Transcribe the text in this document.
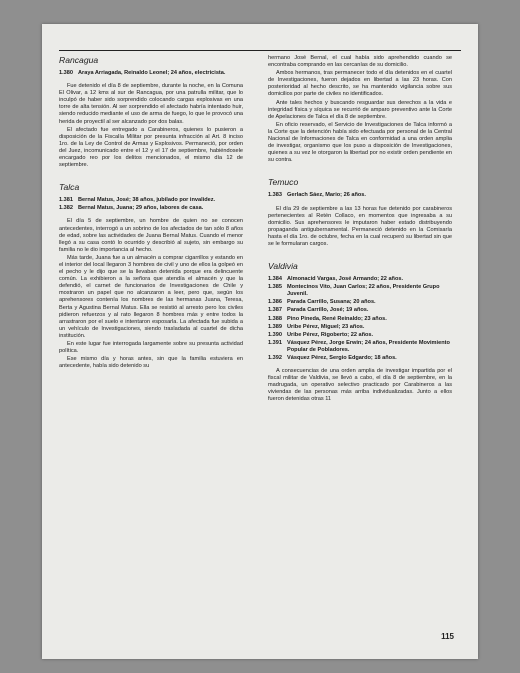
Rancagua
1.380 Araya Arriagada, Reinaldo Leonel; 24 años, electricista.

Fue detenido el día 8 de septiembre, durante la noche, en la Comuna El Olivar, a 12 kms al sur de Rancagua, por una patrulla militar, que lo inculpó de haber sido sorprendido colocando cargas explosivas en una torre de alta tensión. Al ser sorprendido el afectado habría intentado huir, siendo reducido mediante el uso de arma de fuego, lo que le provocó una herida de proyectil al ser alcanzado por dos balas.

El afectado fue entregado a Carabineros, quienes lo pusieron a disposición de la Fiscalía Militar por presunta infracción al Art. 8 inciso 1ro. de la Ley de Control de Armas y Explosivos. Permaneció, por orden del Juez, incomunicado entre el 12 y el 17 de septiembre, habiéndosele encargado reo por los delitos mencionados, el mismo día 12 de septiembre.

Talca
1.381 Bernal Matus, José; 38 años, jubilado por invalidez.
1.382 Bernal Matus, Juana; 29 años, labores de casa.

El día 5 de septiembre, un hombre de quien no se conocen antecedentes, interrogó a un sobrino de los afectados de tan sólo 8 años de edad, sobre las actividades de Juana Bernal Matus. Cuando el menor llegó a su casa contó lo ocurrido y describió al sujeto, sin embargo su familia no le dio importancia al hecho.

Más tarde, Juana fue a un almacén a comprar cigarrillos y estando en el interior del local llegaron 3 hombres de civil y uno de ellos la golpeó en el pecho y le dijo que se la llevaban detenida porque era delincuente común. La exhibieron a la señora que atendía el almacén y que la defendió, el carnet de funcionarios de Investigaciones de Chile y mostraron un papel que no alcanzaron a leer, pero que, según los aprehensores contenía los nombres de las hermanas Juana, Teresa, Berta y Agustina Bernal Matus. Ella se resistió al arresto pero los civiles pidieron refuerzos y al rato llegaron 8 hombres más y entre todos la arrastraron por el suelo e intentaron esposarla. La afectada fue subida a un vehículo de Investigaciones, siendo trasladada al cuartel de dicha institución.

En este lugar fue interrogada largamente sobre su presunta actividad política.

Ese mismo día y horas antes, sin que la familia estuviera en antecedente, había sido detenido su

hermano José Bernal, el cual había sido aprehendido cuando se encontraba comprando en las cercanías de su domicilio.

Ambos hermanos, tras permanecer todo el día detenidos en el cuartel de Investigaciones, fueron dejados en libertad a las 23 horas. Con posterioridad al hecho descrito, se ha mantenido vigilancia sobre sus domicilios por parte de civiles no identificados.

Ante tales hechos y buscando resguardar sus derechos a la vida e integridad física y síquica se recurrió de amparo preventivo ante la Corte de Apelaciones de Talca el día 8 de septiembre.

En oficio reservado, el Servicio de Investigaciones de Talca informó a la Corte que la detención había sido efectuada por personal de la Central Nacional de Informaciones de Talca en conformidad a una orden amplia de investigar, organismo que los puso a disposición de Investigaciones, quienes a su vez le otorgaron la libertad por no existir orden pendiente en su contra.

Temuco
1.383 Gerlach Sáez, Mario; 26 años.

El día 29 de septiembre a las 13 horas fue detenido por carabineros pertenecientes al Retén Collaco, en momentos que ingresaba a su domicilio. Sus aprehensores le imputaron haber estado distribuyendo propaganda antigubernamental. Permaneció detenido en la Comisaría hasta el día 1ro. de octubre, fecha en la cual recuperó su libertad sin que se le formularan cargos.

Valdivia
1.384 Almonacid Vargas, José Armando; 22 años.
1.385 Montecinos Vito, Juan Carlos; 22 años, Presidente Grupo Juvenil.
1.386 Parada Carrillo, Susana; 20 años.
1.387 Parada Carrillo, José; 19 años.
1.388 Pino Pineda, René Reinaldo; 23 años.
1.389 Uribe Pérez, Miguel; 23 años.
1.390 Uribe Pérez, Rigoberto; 22 años.
1.391 Vásquez Pérez, Jorge Erwin; 24 años, Presidente Movimiento Popular de Pobladores.
1.392 Vásquez Pérez, Sergio Edgardo; 18 años.

A consecuencias de una orden amplia de investigar impartida por el fiscal militar de Valdivia, se llevó a cabo, el día 8 de septiembre, en la madrugada, un operativo selectivo practicado por Carabineros a las viviendas de las personas más arriba individualizadas. Junto a ellos fueron detenidas otras 11

115
